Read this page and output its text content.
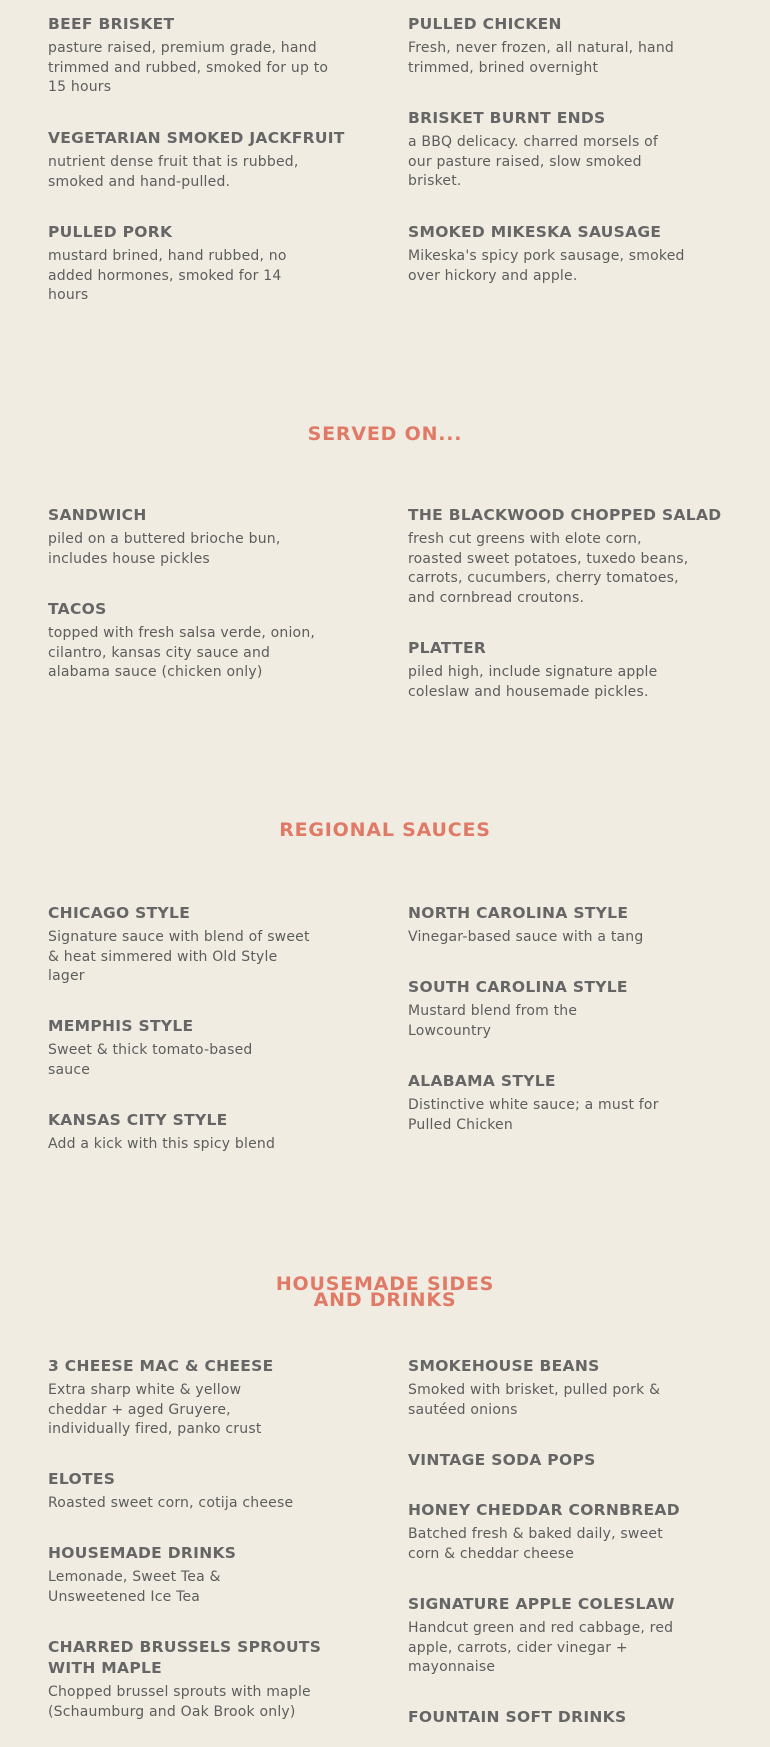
BEEF BRISKET
pasture raised, premium grade, hand trimmed and rubbed, smoked for up to 15 hours
PULLED CHICKEN
Fresh, never frozen, all natural, hand trimmed, brined overnight
VEGETARIAN SMOKED JACKFRUIT
nutrient dense fruit that is rubbed, smoked and hand-pulled.
BRISKET BURNT ENDS
a BBQ delicacy. charred morsels of our pasture raised, slow smoked brisket.
PULLED PORK
mustard brined, hand rubbed, no added hormones, smoked for 14 hours
SMOKED MIKESKA SAUSAGE
Mikeska's spicy pork sausage, smoked over hickory and apple.
SERVED ON...
SANDWICH
piled on a buttered brioche bun, includes house pickles
THE BLACKWOOD CHOPPED SALAD
fresh cut greens with elote corn, roasted sweet potatoes, tuxedo beans, carrots, cucumbers, cherry tomatoes, and cornbread croutons.
TACOS
topped with fresh salsa verde, onion, cilantro, kansas city sauce and alabama sauce (chicken only)
PLATTER
piled high, include signature apple coleslaw and housemade pickles.
REGIONAL SAUCES
CHICAGO STYLE
Signature sauce with blend of sweet & heat simmered with Old Style lager
NORTH CAROLINA STYLE
Vinegar-based sauce with a tang
SOUTH CAROLINA STYLE
Mustard blend from the Lowcountry
MEMPHIS STYLE
Sweet & thick tomato-based sauce
ALABAMA STYLE
Distinctive white sauce; a must for Pulled Chicken
KANSAS CITY STYLE
Add a kick with this spicy blend
HOUSEMADE SIDES
AND DRINKS
3 CHEESE MAC & CHEESE
Extra sharp white & yellow cheddar + aged Gruyere, individually fired, panko crust
SMOKEHOUSE BEANS
Smoked with brisket, pulled pork & sautéed onions
VINTAGE SODA POPS
ELOTES
Roasted sweet corn, cotija cheese	HONEY CHEDDAR CORNBREAD
Batched fresh & baked daily, sweet corn & cheddar cheese
HOUSEMADE DRINKS
Lemonade, Sweet Tea & Unsweetened Ice Tea	SIGNATURE APPLE COLESLAW
Handcut green and red cabbage, red apple, carrots, cider vinegar + mayonnaise
CHARRED BRUSSELS SPROUTS WITH MAPLE
Chopped brussel sprouts with maple (Schaumburg and Oak Brook only)	FOUNTAIN SOFT DRINKS
